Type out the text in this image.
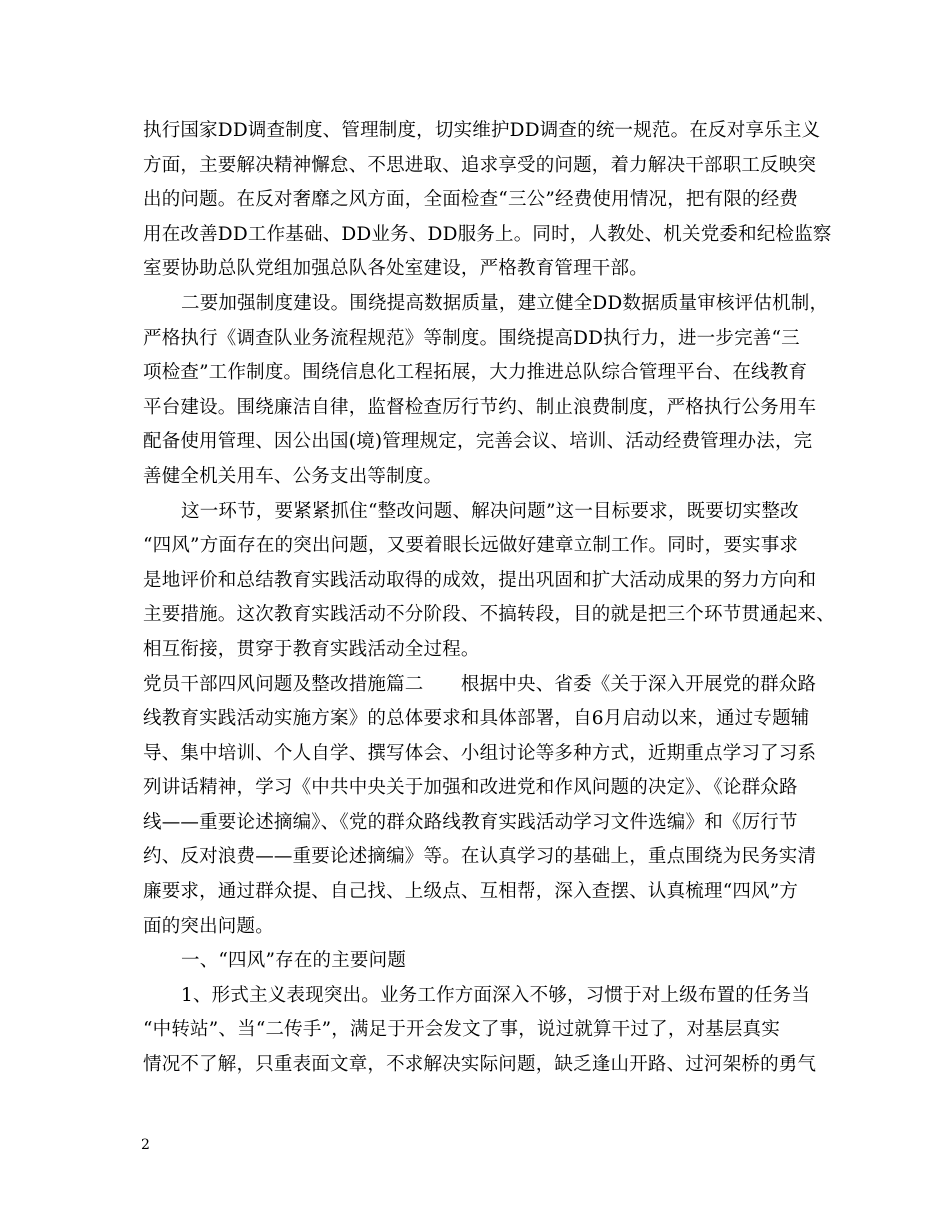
执行国家DD调查制度、管理制度，切实维护DD调查的统一规范。在反对享乐主义
方面，主要解决精神懈怠、不思进取、追求享受的问题，着力解决干部职工反映突
出的问题。在反对奢靡之风方面，全面检查“三公”经费使用情况，把有限的经费
用在改善DD工作基础、DD业务、DD服务上。同时，人教处、机关党委和纪检监察
室要协助总队党组加强总队各处室建设，严格教育管理干部。
二要加强制度建设。围绕提高数据质量，建立健全DD数据质量审核评估机制，
严格执行《调查队业务流程规范》等制度。围绕提高DD执行力，进一步完善“三
项检查”工作制度。围绕信息化工程拓展，大力推进总队综合管理平台、在线教育
平台建设。围绕廉洁自律，监督检查厉行节约、制止浪费制度，严格执行公务用车
配备使用管理、因公出国(境)管理规定，完善会议、培训、活动经费管理办法，完
善健全机关用车、公务支出等制度。
这一环节，要紧紧抓住“整改问题、解决问题”这一目标要求，既要切实整改
“四风”方面存在的突出问题，又要着眼长远做好建章立制工作。同时，要实事求
是地评价和总结教育实践活动取得的成效，提出巩固和扩大活动成果的努力方向和
主要措施。这次教育实践活动不分阶段、不搞转段，目的就是把三个环节贯通起来、
相互衔接，贯穿于教育实践活动全过程。
党员干部四风问题及整改措施篇二　　根据中央、省委《关于深入开展党的群众路
线教育实践活动实施方案》的总体要求和具体部署，自6月启动以来，通过专题辅
导、集中培训、个人自学、撰写体会、小组讨论等多种方式，近期重点学习了习系
列讲话精神，学习《中共中央关于加强和改进党和作风问题的决定》、《论群众路
线——重要论述摘编》、《党的群众路线教育实践活动学习文件选编》和《厉行节
约、反对浪费——重要论述摘编》等。在认真学习的基础上，重点围绕为民务实清
廉要求，通过群众提、自己找、上级点、互相帮，深入查摆、认真梳理“四风”方
面的突出问题。
一、“四风”存在的主要问题
1、形式主义表现突出。业务工作方面深入不够，习惯于对上级布置的任务当
“中转站”、当“二传手”，满足于开会发文了事，说过就算干过了，对基层真实
情况不了解，只重表面文章，不求解决实际问题，缺乏逢山开路、过河架桥的勇气
2
